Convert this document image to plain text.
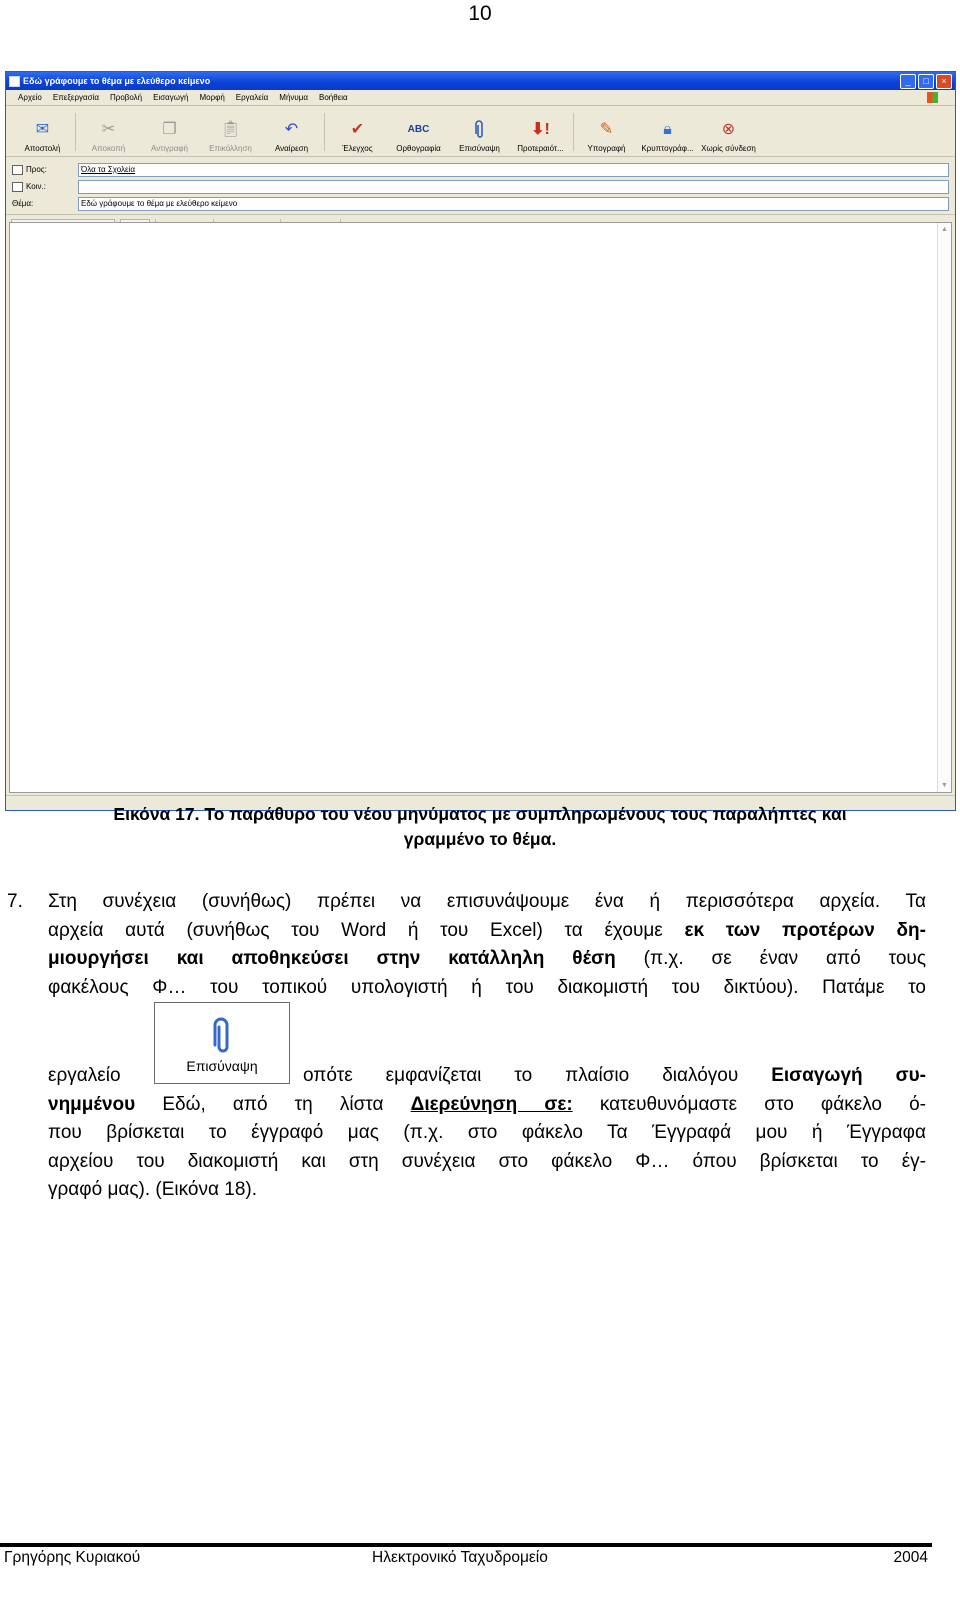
10
Εδώ γράφουμε το θέμα με ελεύθερο κείμενο	_	□	×
Αρχείο Επεξεργασία Προβολή Εισαγωγή Μορφή Εργαλεία Μήνυμα Βοήθεια
✉
Αποστολή
✂
Αποκοπή
❐
Αντιγραφή
📋︎
Επικόλληση
↶
Αναίρεση
✔
Έλεγχος
ABC
Ορθογραφία Επισύναψη
⬇!
Προτεραιότ...
✎
Υπογραφή
🔒︎
Κρυπτογράφ...
⊗
Χωρίς σύνδεση
Προς:	Όλα τα Σχολεία
Κοιν.:
Θέμα:	Εδώ γράφουμε το θέμα με ελεύθερο κείμενο
▲
▼
Εικόνα 17. Το παράθυρο του νέου μηνύματος με συμπληρωμένους τους παραλήπτες και
γραμμένο το θέμα.
7. Στη συνέχεια (συνήθως) πρέπει να επισυνάψουμε ένα ή περισσότερα αρχεία. Τα
αρχεία αυτά (συνήθως του Word ή του Excel) τα έχουμε εκ των προτέρων δη-
μιουργήσει και αποθηκεύσει στην κατάλληλη θέση (π.χ. σε έναν από τους
φακέλους Φ… του τοπικού υπολογιστή ή του διακομιστή του δικτύου). Πατάμε το
εργαλείο	οπότε εμφανίζεται το πλαίσιο διαλόγου Εισαγωγή συ-
νημμένου Εδώ, από τη λίστα Διερεύνηση σε: κατευθυνόμαστε στο φάκελο ό-
που βρίσκεται το έγγραφό μας (π.χ. στο φάκελο Τα Έγγραφά μου ή Έγγραφα
αρχείου του διακομιστή και στη συνέχεια στο φάκελο Φ… όπου βρίσκεται το έγ-
γραφό μας). (Εικόνα 18).
Επισύναψη
Γρηγόρης Κυριακού	Ηλεκτρονικό Ταχυδρομείο	2004
